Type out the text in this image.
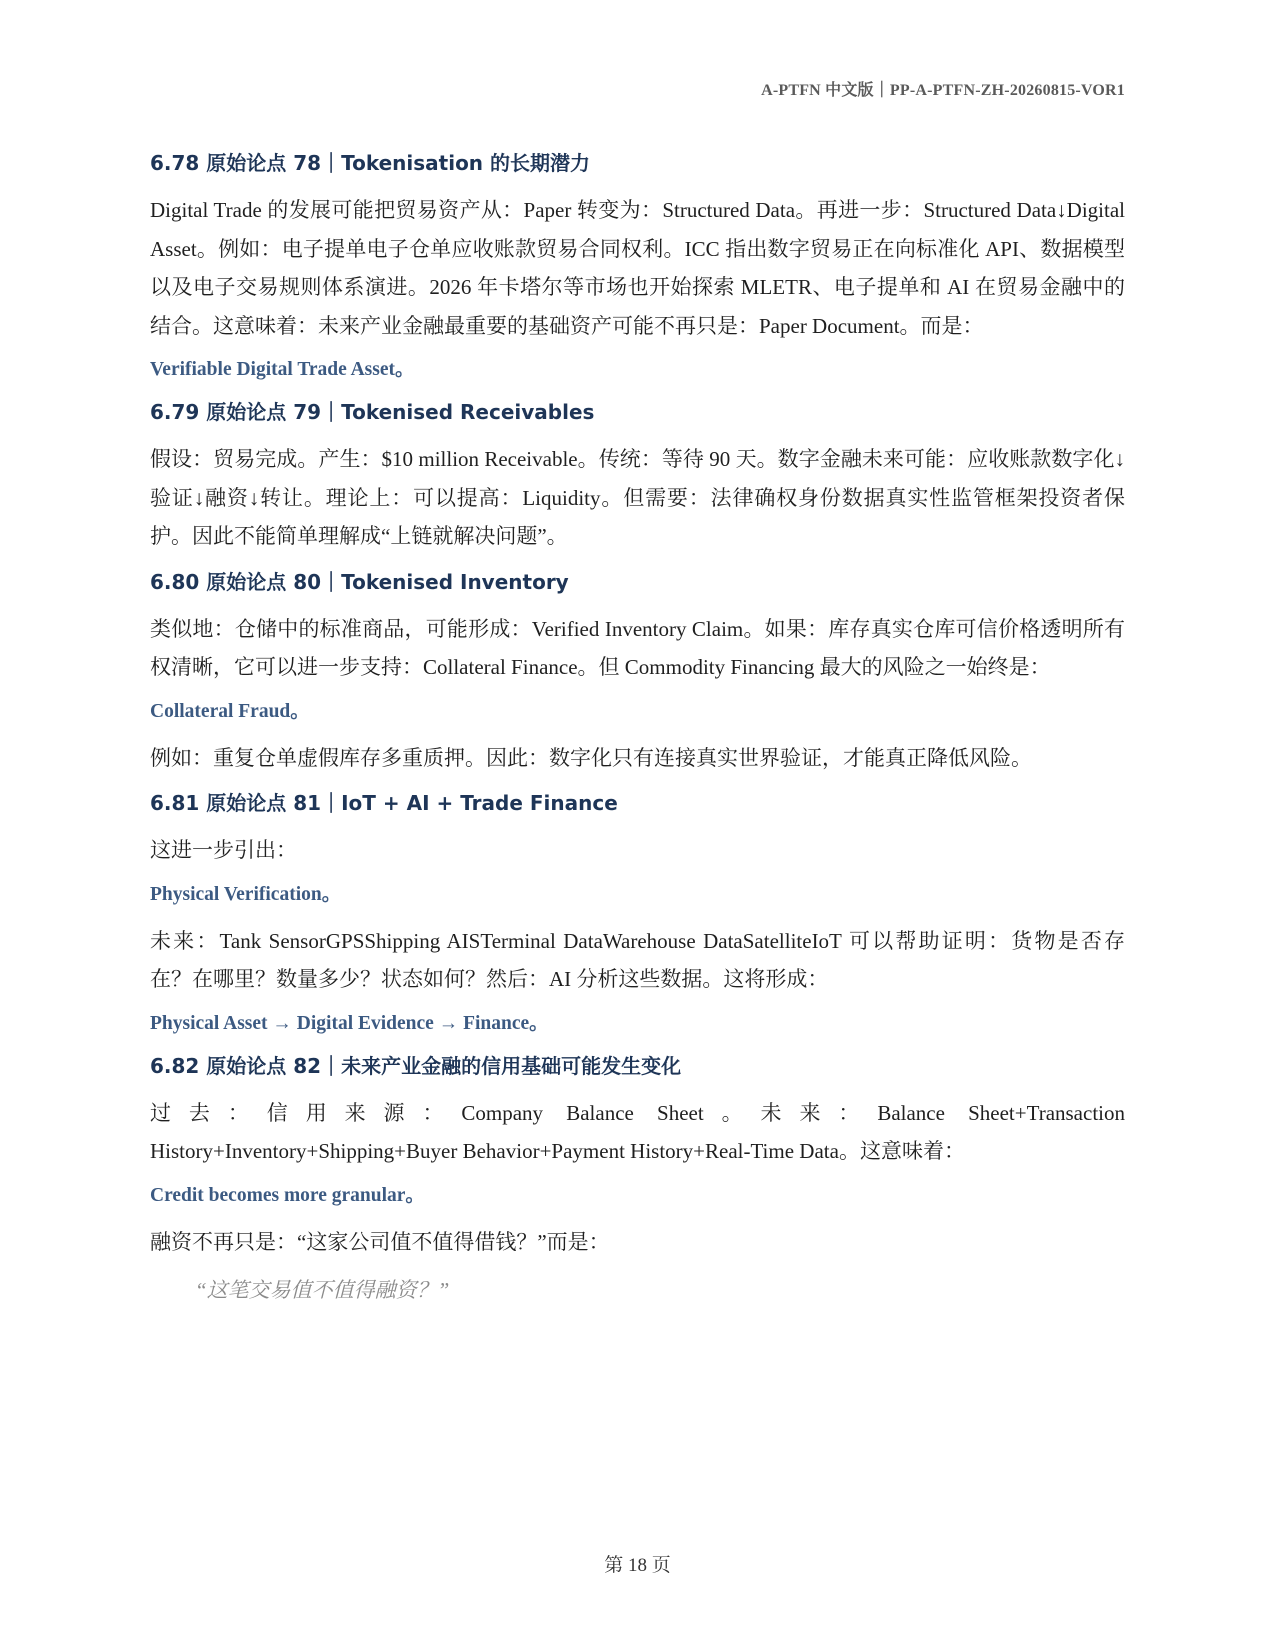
A-PTFN 中文版｜PP-A-PTFN-ZH-20260815-VOR1
6.78 原始论点 78｜Tokenisation 的长期潜力

Digital Trade 的发展可能把贸易资产从：Paper 转变为：Structured Data。再进一步：Structured Data↓Digital Asset。例如：电子提单电子仓单应收账款贸易合同权利。ICC 指出数字贸易正在向标准化 API、数据模型以及电子交易规则体系演进。2026 年卡塔尔等市场也开始探索 MLETR、电子提单和 AI 在贸易金融中的结合。这意味着：未来产业金融最重要的基础资产可能不再只是：Paper Document。而是：

Verifiable Digital Trade Asset。
6.79 原始论点 79｜Tokenised Receivables

假设：贸易完成。产生：$10 million Receivable。传统：等待 90 天。数字金融未来可能：应收账款数字化↓验证↓融资↓转让。理论上：可以提高：Liquidity。但需要：法律确权身份数据真实性监管框架投资者保护。因此不能简单理解成“上链就解决问题”。

6.80 原始论点 80｜Tokenised Inventory

类似地：仓储中的标准商品，可能形成：Verified Inventory Claim。如果：库存真实仓库可信价格透明所有权清晰，它可以进一步支持：Collateral Finance。但 Commodity Financing 最大的风险之一始终是：

Collateral Fraud。

例如：重复仓单虚假库存多重质押。因此：数字化只有连接真实世界验证，才能真正降低风险。

6.81 原始论点 81｜IoT + AI + Trade Finance

这进一步引出：

Physical Verification。

未来：Tank SensorGPSShipping AISTerminal DataWarehouse DataSatelliteIoT 可以帮助证明：货物是否存在？在哪里？数量多少？状态如何？然后：AI 分析这些数据。这将形成：

Physical Asset → Digital Evidence → Finance。
6.82 原始论点 82｜未来产业金融的信用基础可能发生变化

过去：信用来源：Company Balance Sheet。未来：Balance Sheet+Transaction History+Inventory+Shipping+Buyer Behavior+Payment History+Real-Time Data。这意味着：

Credit becomes more granular。

融资不再只是：“这家公司值不值得借钱？”而是：

“这笔交易值不值得融资？”
第 18 页
